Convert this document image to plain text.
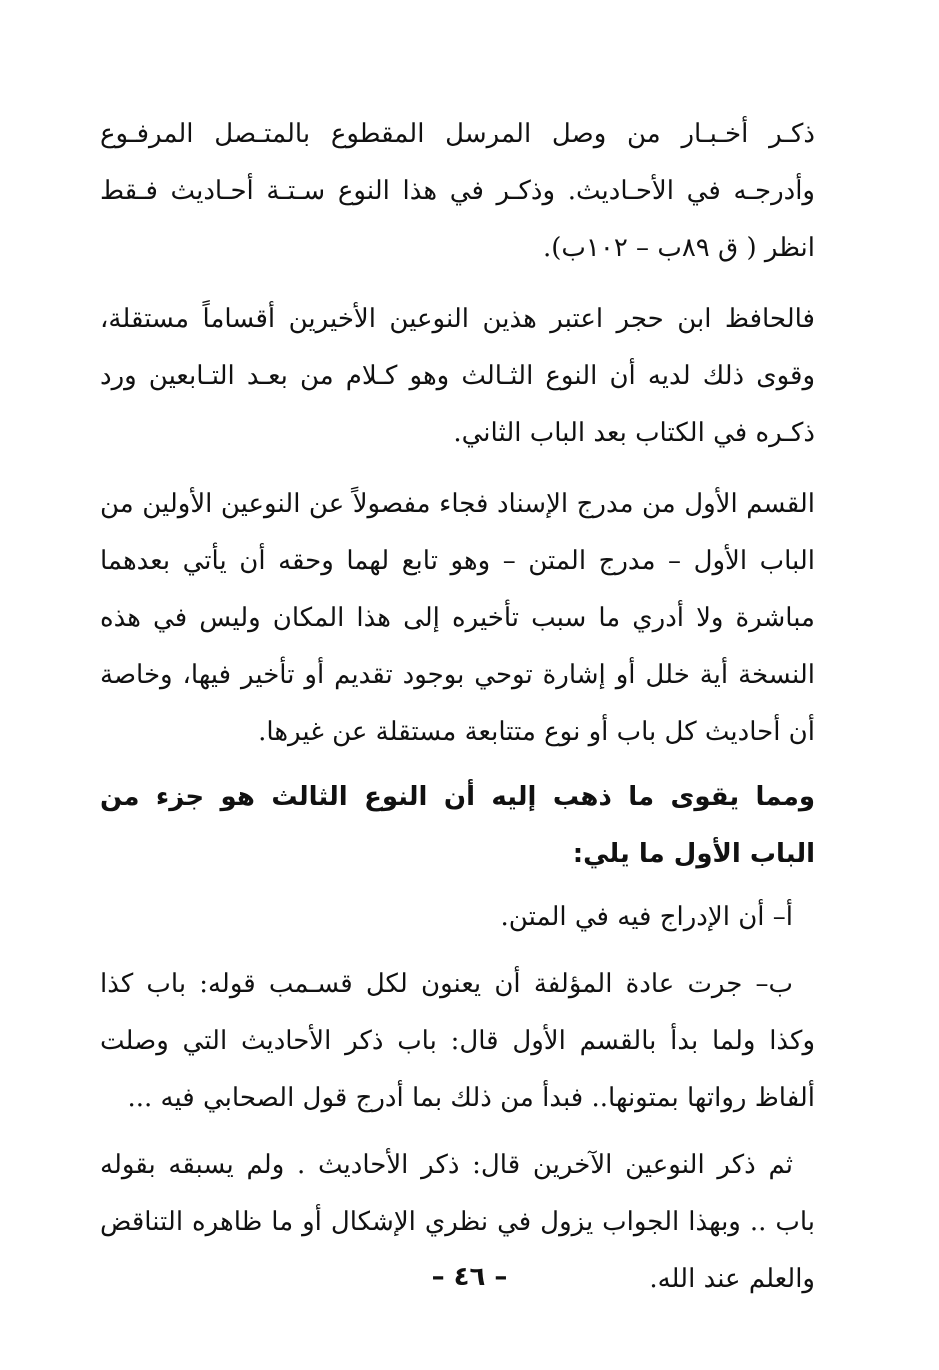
ذكـر أخـبـار من وصل المرسل المقطوع بالمتـصل المرفـوع وأدرجـه في الأحـاديث. وذكـر في هذا النوع سـتـة أحـاديث فـقط انظر ( ق ٨٩ب – ١٠٢ب).

فالحافظ ابن حجر اعتبر هذين النوعين الأخيرين أقساماً مستقلة، وقوى ذلك لديه أن النوع الثـالث وهو كـلام من بعـد التـابعين ورد ذكـره في الكتاب بعد الباب الثاني.

القسم الأول من مدرج الإسناد فجاء مفصولاً عن النوعين الأولين من الباب الأول – مدرج المتن – وهو تابع لهما وحقه أن يأتي بعدهما مباشرة ولا أدري ما سبب تأخيره إلى هذا المكان وليس في هذه النسخة أية خلل أو إشارة توحي بوجود تقديم أو تأخير فيها، وخاصة أن أحاديث كل باب أو نوع متتابعة مستقلة عن غيرها.

ومما يقوى ما ذهب إليه أن النوع الثالث هو جزء من الباب الأول ما يلي:

أ– أن الإدراج فيه في المتن.

ب– جرت عادة المؤلفة أن يعنون لكل قسـمب قوله: باب كذا وكذا ولما بدأ بالقسم الأول قال: باب ذكر الأحاديث التي وصلت ألفاظ رواتها بمتونها.. فبدأ من ذلك بما أدرج قول الصحابي فيه ...

ثم ذكر النوعين الآخرين قال: ذكر الأحاديث . ولم يسبقه بقوله باب .. وبهذا الجواب يزول في نظري الإشكال أو ما ظاهره التناقض والعلم عند الله.

– ٤٦ –
